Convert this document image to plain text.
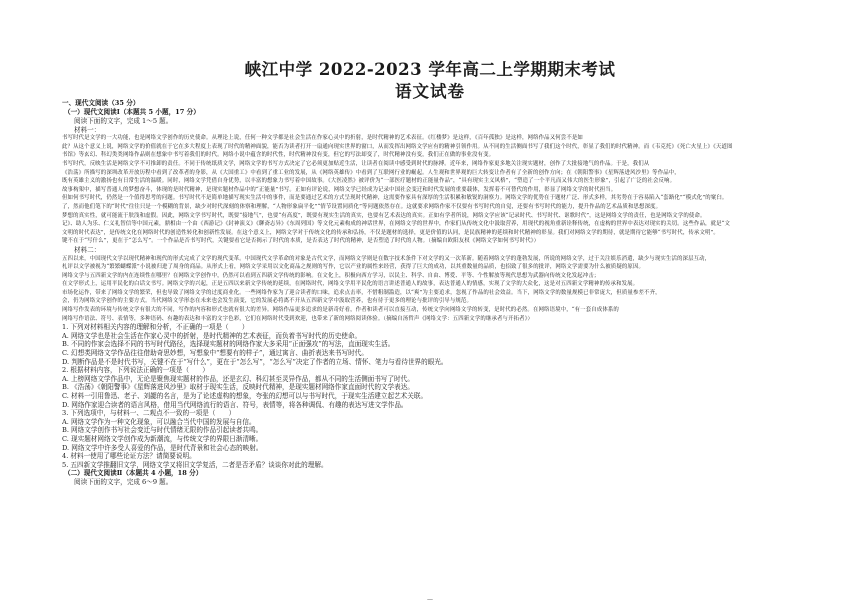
峡江中学 2022-2023 学年高二上学期期末考试
语文试卷
一、现代文阅读（35 分）
（一）现代文阅读Ⅰ（本题共 5 小题，17 分）
阅读下面的文字，完成 1～5 题。
材料一：
书写时代是文学的一大功能，也是网络文学创作的历史使命。从理论上说，任何一种文学都是社会生活在作家心灵中的折射，是时代精神的艺术表征。《红楼梦》是这样，《百年孤独》是这样，网络作品又何尝不是如
此？从这个意义上说，网络文学的价值就在于它在多大程度上表现了时代的精神面貌，能否为读者打开一扇通向现实世界的窗口，从而发挥出网络文学应有的精神引领作用。从不同的生活侧面书写了我们这个时代，彰显了我们的时代精神。而《韦克托》《死亡火星上》《天道图
书馆》等玄幻、科幻类类网络作品则在想象中书写着我们的时代。网络小说中蕴含的时代性，时代精神没有变，但它的写法却变了，时代精神没有变，我们正在做的事业没有变。
书写时代，反映生活是网络文学不可推卸的责任。不同于传统纸质文学，网络文学的书写方式决定了它必须更加贴近生活，让读者在阅读中感受到时代的脉搏。近年来，网络作家更多地关注现实题材，创作了大批接地气的作品。于是，我们从
《浩荡》所描写的深圳改革开放历程中看到了改革者的身影，从《大国重工》中看到了重工业的发展，从《网络英雄传》中看到了互联网行业的崛起。人生观和世界观的巨大转变让作者有了全新的创作方向；在《朝阳警事》《星辉落进风沙里》等作品中，
既有英雄主义的激扬也有日常生活的温暖。同时，网络文学凭借自身优势，以丰富的想象力书写着中国故事。《大医凌然》被评价为“一部医疗题材的正能量作品”，“具有现实主义风格”，“塑造了一个平凡而又伟大的医生形象”，引起了广泛的社会反响。
故事构架中，描写普通人的梦想奋斗，体现的是时代精神，是现实题材作品中的“正能量”书写。正如有评论说，网络文学已经成为记录中国社会变迁和时代发展的重要载体，发挥着不可替代的作用，彰显了网络文学的时代担当。
但如何书写时代，仍然是一个值得思考的问题。书写时代不是简单地描写现实生活中的事件，而是要通过艺术的方式呈现时代精神，这需要作家具有深厚的生活积累和敏锐的洞察力。网络文学的优势在于题材广泛、形式多样，其劣势在于容易陷入“套路化”“模式化”的窠臼。
了，然而他们笔下的“时代”往往只是一个模糊的背景，缺少对时代深刻的体察和理解，“人物形象扁平化”“情节设置同质化”等问题依然存在。这就要求网络作家不仅要有书写时代的自觉，还要有书写时代的能力，提升作品的艺术品质和思想深度。
梦想的真实性，就可能流于肤浅和虚假。因此，网络文学书写时代，既要“接地气”，也要“有高度”，既要有现实生活的真实，也要有艺术表达的真实。正如有学者所说，网络文学应该“记录时代、书写时代、讴歌时代”，这是网络文学的责任，也是网络文学的使命。
记》、助人为乐、仁义礼智信等中国元素，鼎相由一个由《西游记》《封神演义》《聊斋志异》《东周列国》等文化元素构成的神话世界，在网络文学的世界中，作家们从传统文化中汲取营养，用现代的视角重新诠释传统，在虚构的世界中表达对现实的关切。这些作品，就是“文
文明的时代表达”，是传统文化在网络时代的创造性转化和创新性发展。在这个意义上，网络文学对于传统文化的传承和弘扬，不仅是题材的选择，更是价值的认同，是民族精神的延续和时代精神的彰显。我们对网络文学的期待，就是期待它能够“书写时代，传承文明”。
键不在于“写什么”，更在于“怎么写”。一个作品是否书写时代，关键要看它是否揭示了时代的本质，是否表达了时代的精神，是否塑造了时代的人物。（摘编自欧阳友权《网络文学如何书写时代》）
材料二：
五四以来，中国现代文学以现代精神和现代的形式完成了文学的现代变革。中国现代文学革命的对象是古代文学，而网络文学则是在数字技术条件下对文学的又一次革新。随着网络文学的蓬勃发展，所说的网络文学，过于关注娱乐消遣，缺少与现实生活的深层互动，
札评以文学被视为“繁繁蝴蝶派”小说被归进了周身的商品。从形式上看，网络文学采用以文化商品之规则的写作，它以产业的属性来经营，获得了巨大的成功，以其重数量的品质，也招致了很多的批评，网络文学需要为什么被质疑的原因。
网络文学与五四新文学的内在连续性在哪里？在网络文学创作中，仍然可以看到五四新文学传统的影响。在文化上，积极向西方学习，以民主、科学、自由、博爱、平等、个性解放等现代思想为武器向传统文化发起冲击；
在文学形式上，运用平民化的白话文书写。网络文学的兴起，正是五四以来新文学传统的延续，在网络时代，网络文学用平民化的语言讲述普通人的故事，表达普通人的情感，实现了文学的大众化，这是对五四新文学精神的传承和发展。
市场化运作，带来了网络文学的繁荣，但也导致了网络文学的过度商业化。一些网络作家为了迎合读者的口味，追求点击率，不惜粗制滥造，以“爽”为主要追求，忽视了作品的社会效益。当下，网络文学的数量规模已非常庞大，但质量参差不齐，
会，仍为网络文学创作的主要方式。当代网络文学形态在未来也会发生演变，它的发展必将离不开从五四新文学中汲取营养，也有待于更多的理论与批评的引导与规范。
网络写作发表的环境与传统文学有很大的不同，写作的内容和形式也就有很大的差异。网络作品更多追求的是新奇好看，作者和读者可以直接互动，传统文学向网络文学的转变，是时代的必然。在网络语境中，“有一套自成体系的
网络写作语法、符号、表情等，多种语码、有趣的表达和丰富的文字色彩，它们在网络时代受到欢迎，也带来了新的网络阅读体验。（摘编自汤哲声《网络文学：五四新文学的继承者与开拓者》）
1. 下列对材料相关内容的理解和分析，不正确的一项是（　　）
A. 网络文学也是社会生活在作家心灵中的折射，是时代精神的艺术表征，而负着书写时代的历史使命。
B. 不同的作家会选择不同的书写时代路径，选择现实题材的网络作家大多采用“正面强攻”的写法，直面现实生活。
C. 幻想类网络文学作品往往借助奇思妙想，写想象中“想要有的样子”，通过寓言、曲折表达来书写时代。
D. 判断作品是不是时代书写，关键不在于“写什么”，更在于“怎么写”，“怎么写”决定了作者的立场、情怀、笔力与看待世界的眼光。
2. 根据材料内容，下列说法正确的一项是（　　）
A. 上榜网络文学作品中，无论是聚焦现实题材的作品，还是玄幻、科幻甚至灵异作品，都从不同的生活侧面书写了时代。
B. 《浩荡》《朝阳警事》《星辉落进风沙里》取材于现实生活，反映时代精神，是现实题材网络作家直面时代的文学表达。
C. 材料一引用鲁迅、老子、刘勰的名言，是为了论述虚构的想象，夸张的幻想可以与书写时代，于现实生活建立起艺术关联。
D. 网络作家迎合读者的语言风格，借用当代网络流行的语言、符号，表情等，将各种调侃、有趣的表达写进文学作品。
3. 下列选项中，与材料一、二观点不一致的一项是（　　）
A. 网络文学作为一种文化现象，可以融合当代中国的发展与自信。
B. 网络文学创作书写社会变迁与时代情绪无限的作品引起读者共鸣。
C. 现实题材网络文学创作成为新潮流，与传统文学的界限日渐清晰。
D. 网络文学中许多受人喜爱的作品，是时代背景和社会心态的映射。
4. 材料一使用了哪些论证方法？请简要说明。
5. 五四新文学推翻旧文学，网络文学又将旧文学复活，二者是否矛盾？谈谈你对此的理解。
（二）现代文阅读Ⅱ（本题共 4 小题，18 分）
阅读下面的文字，完成 6～9 题。
—
